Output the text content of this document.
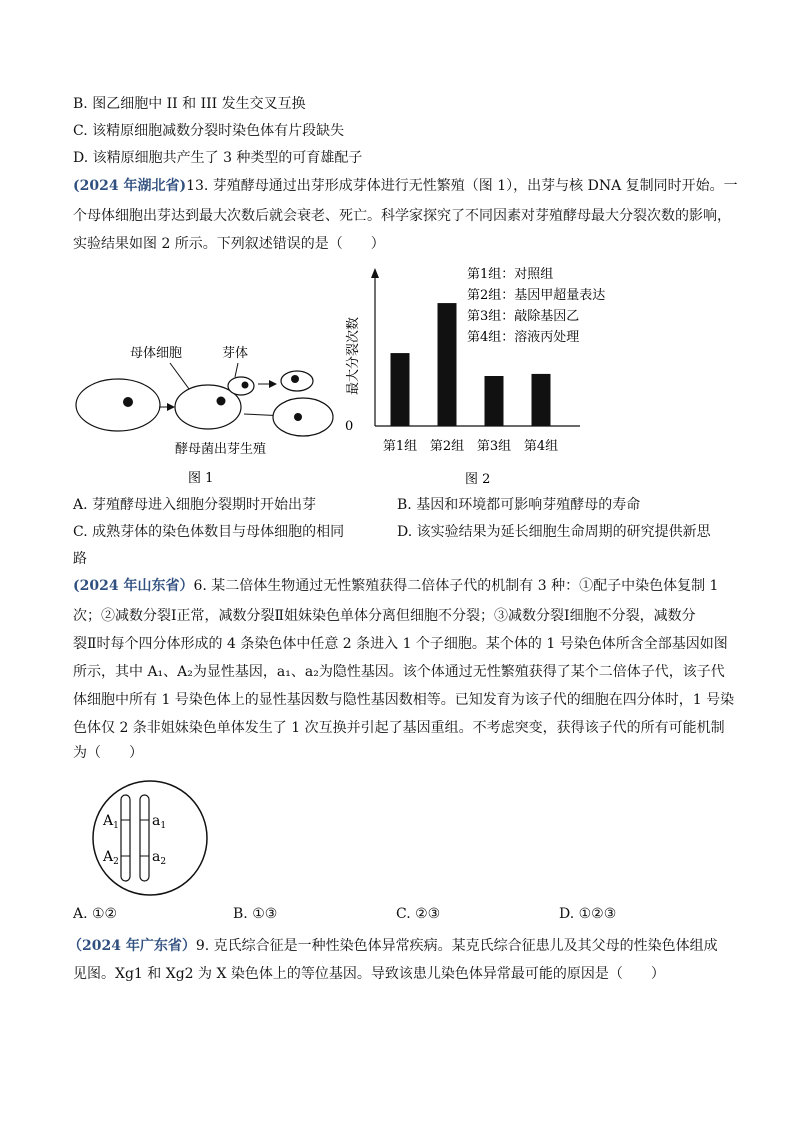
B. 图乙细胞中 II 和 III 发生交叉互换
C. 该精原细胞减数分裂时染色体有片段缺失
D. 该精原细胞共产生了 3 种类型的可育雄配子
(2024 年湖北省)13. 芽殖酵母通过出芽形成芽体进行无性繁殖（图 1），出芽与核 DNA 复制同时开始。一
个母体细胞出芽达到最大次数后就会衰老、死亡。科学家探究了不同因素对芽殖酵母最大分裂次数的影响，
实验结果如图 2 所示。下列叙述错误的是（　　）
母体细胞	芽体
酵母菌出芽生殖
图 1
最大分裂次数
0
第1组 第2组 第3组 第4组
第1组：对照组
第2组：基因甲超量表达
第3组：敲除基因乙
第4组：溶液丙处理
图 2
A. 芽殖酵母进入细胞分裂期时开始出芽	B. 基因和环境都可影响芽殖酵母的寿命
C. 成熟芽体的染色体数目与母体细胞的相同	D. 该实验结果为延长细胞生命周期的研究提供新思
路
(2024 年山东省）6. 某二倍体生物通过无性繁殖获得二倍体子代的机制有 3 种：①配子中染色体复制 1
次；②减数分裂Ⅰ正常，减数分裂Ⅱ姐妹染色单体分离但细胞不分裂；③减数分裂Ⅰ细胞不分裂，减数分
裂Ⅱ时每个四分体形成的 4 条染色体中任意 2 条进入 1 个子细胞。某个体的 1 号染色体所含全部基因如图
所示，其中 A₁、A₂为显性基因，a₁、a₂为隐性基因。该个体通过无性繁殖获得了某个二倍体子代，该子代
体细胞中所有 1 号染色体上的显性基因数与隐性基因数相等。已知发育为该子代的细胞在四分体时，1 号染
色体仅 2 条非姐妹染色单体发生了 1 次互换并引起了基因重组。不考虑突变，获得该子代的所有可能机制
为（　　）
$A_1$
$A_2$
$a_1$
$a_2$
A. ①②	B. ①③	C. ②③	D. ①②③
（2024 年广东省）9. 克氏综合征是一种性染色体异常疾病。某克氏综合征患儿及其父母的性染色体组成
见图。Xg1 和 Xg2 为 X 染色体上的等位基因。导致该患儿染色体异常最可能的原因是（　　）
